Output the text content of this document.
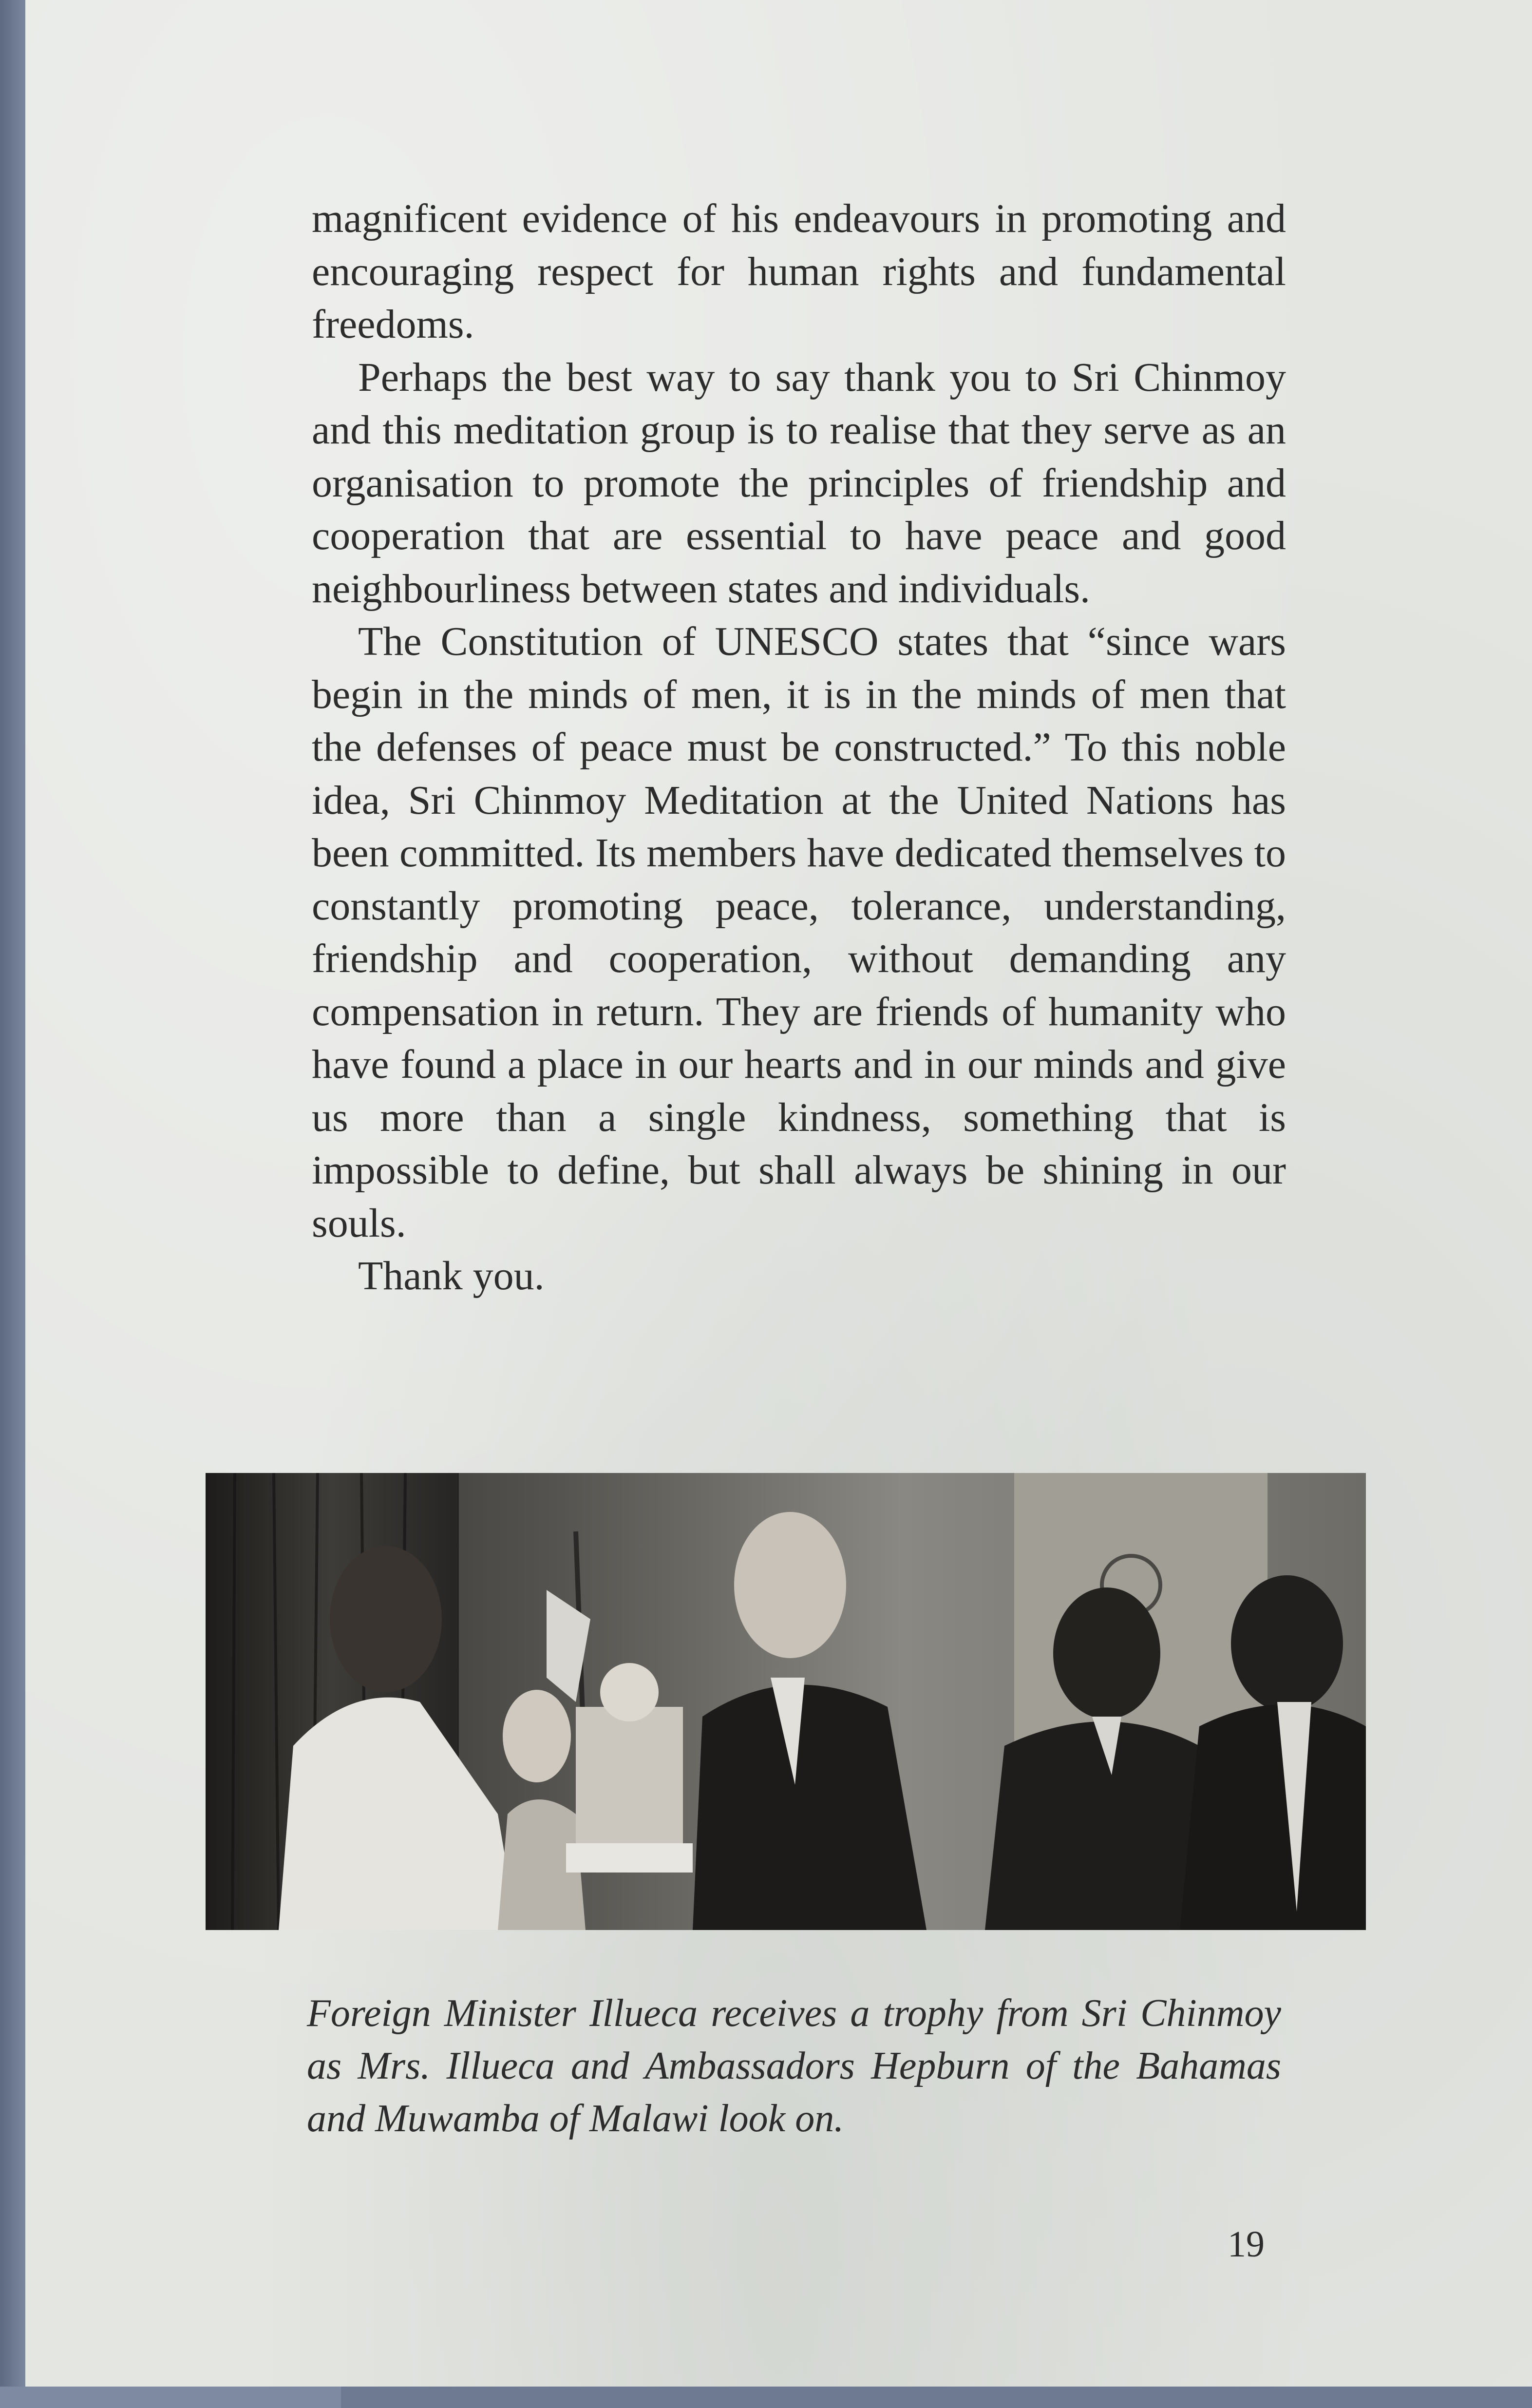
magnificent evidence of his endeavours in promoting and encouraging respect for human rights and fundamental freedoms.

Perhaps the best way to say thank you to Sri Chinmoy and this meditation group is to realise that they serve as an organisation to promote the principles of friendship and cooperation that are essential to have peace and good neighbourliness between states and individuals.

The Constitution of UNESCO states that “since wars begin in the minds of men, it is in the minds of men that the defenses of peace must be constructed.” To this noble idea, Sri Chinmoy Meditation at the United Nations has been committed. Its members have dedicated themselves to constantly promoting peace, tolerance, understanding, friendship and cooperation, without demanding any compensation in return. They are friends of humanity who have found a place in our hearts and in our minds and give us more than a single kindness, something that is impossible to define, but shall always be shining in our souls.

Thank you.

Foreign Minister Illueca receives a trophy from Sri Chinmoy as Mrs. Illueca and Ambassadors Hepburn of the Bahamas and Muwamba of Malawi look on.
19
